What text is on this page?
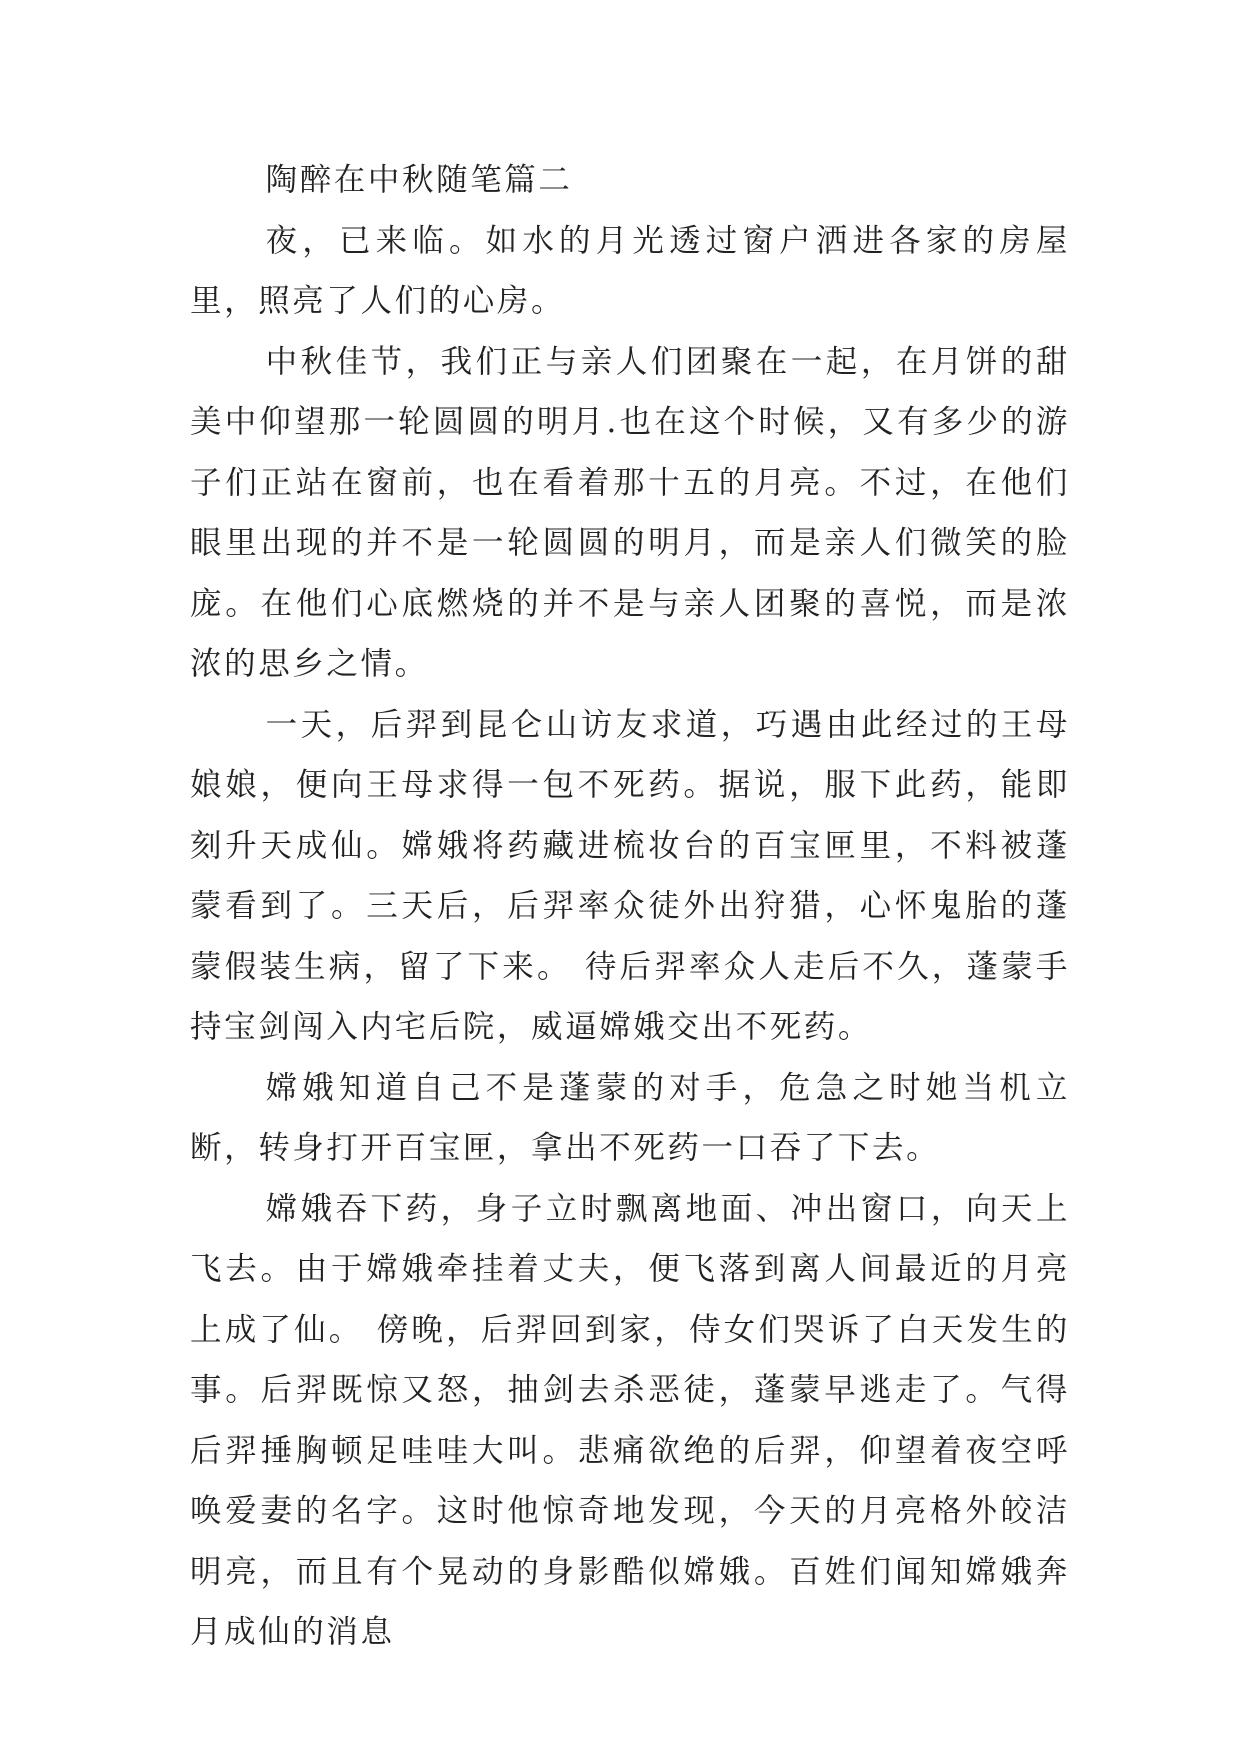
陶醉在中秋随笔篇二

夜，已来临。如水的月光透过窗户洒进各家的房屋里，照亮了人们的心房。

中秋佳节，我们正与亲人们团聚在一起，在月饼的甜美中仰望那一轮圆圆的明月.也在这个时候，又有多少的游子们正站在窗前，也在看着那十五的月亮。不过，在他们眼里出现的并不是一轮圆圆的明月，而是亲人们微笑的脸庞。在他们心底燃烧的并不是与亲人团聚的喜悦，而是浓浓的思乡之情。

一天，后羿到昆仑山访友求道，巧遇由此经过的王母娘娘，便向王母求得一包不死药。据说，服下此药，能即刻升天成仙。嫦娥将药藏进梳妆台的百宝匣里，不料被蓬蒙看到了。三天后，后羿率众徒外出狩猎，心怀鬼胎的蓬蒙假装生病，留了下来。 待后羿率众人走后不久，蓬蒙手持宝剑闯入内宅后院，威逼嫦娥交出不死药。

嫦娥知道自己不是蓬蒙的对手，危急之时她当机立断，转身打开百宝匣，拿出不死药一口吞了下去。

嫦娥吞下药，身子立时飘离地面、冲出窗口，向天上飞去。由于嫦娥牵挂着丈夫，便飞落到离人间最近的月亮上成了仙。 傍晚，后羿回到家，侍女们哭诉了白天发生的事。后羿既惊又怒，抽剑去杀恶徒，蓬蒙早逃走了。气得后羿捶胸顿足哇哇大叫。悲痛欲绝的后羿，仰望着夜空呼唤爱妻的名字。这时他惊奇地发现，今天的月亮格外皎洁明亮，而且有个晃动的身影酷似嫦娥。百姓们闻知嫦娥奔月成仙的消息
